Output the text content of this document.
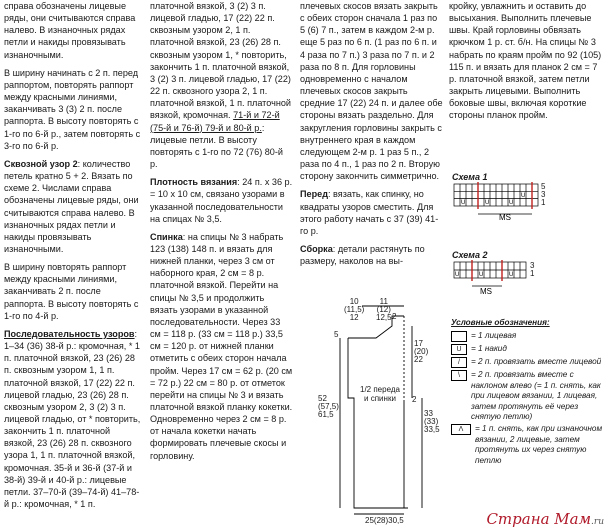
справа обозначены лицевые ряды, они считываются справа налево. В изнаночных рядах петли и накиды провязывать изнаночными.

В ширину начинать с 2 п. перед раппортом, повторять раппорт между красными линиями, заканчивать 3 (3) 2 п. после раппорта. В высоту повторять с 1-го по 6-й р., затем повторять с 3-го по 6-й р.

Сквозной узор 2: количество петель кратно 5 + 2. Вязать по схеме 2. Числами справа обозначены лицевые ряды, они считываются справа налево. В изнаночных рядах петли и накиды провязывать изнаночными.

В ширину повторять раппорт между красными линиями, заканчивать 2 п. после раппорта. В высоту повторять с 1-го по 4-й р.

Последовательность узоров: 1–34 (36) 38-й р.: кромочная, * 1 п. платочной вязкой, 23 (26) 28 п. сквозным узором 1, 1 п. платочной вязкой, 17 (22) 22 п. лицевой гладью, 23 (26) 28 п. сквозным узором 2, 3 (2) 3 п. лицевой гладью, от * повторить, закончить 1 п. платочной вязкой, 23 (26) 28 п. сквозного узора 1, 1 п. платочной вязкой, кромочная. 35-й и 36-й (37-й и 38-й) 39-й и 40-й р.: лицевые петли. 37–70-й (39–74-й) 41–78-й р.: кромочная, * 1 п.

платочной вязкой, 3 (2) 3 п. лицевой гладью, 17 (22) 22 п. сквозным узором 2, 1 п. платочной вязкой, 23 (26) 28 п. сквозным узором 1, * повторить, закончить 1 п. платочной вязкой, 3 (2) 3 п. лицевой гладью, 17 (22) 22 п. сквозного узора 2, 1 п. платочной вязкой, 1 п. платочной вязкой, кромочная. 71-й и 72-й (75-й и 76-й) 79-й и 80-й р.: лицевые петли. В высоту повторять с 1-го по 72 (76) 80-й р.

Плотность вязания: 24 п. х 36 р. = 10 х 10 см, связано узорами в указанной последовательности на спицах № 3,5.

Спинка: на спицы № 3 набрать 123 (138) 148 п. и вязать для нижней планки, через 3 см от наборного края, 2 см = 8 р. платочной вязкой. Перейти на спицы № 3,5 и продолжить вязать узорами в указанной последовательности. Через 33 см = 118 р. (33 см = 118 р.) 33,5 см = 120 р. от нижней планки отметить с обеих сторон начала пройм. Через 17 см = 62 р. (20 см = 72 р.) 22 см = 80 р. от отметок перейти на спицы № 3 и вязать платочной вязкой планку кокетки. Одновременно через 2 см = 8 р. от начала кокетки начать формировать плечевые скосы и горловину.

плечевых скосов вязать закрыть с обеих сторон сначала 1 раз по 5 (6) 7 п., затем в каждом 2-м р. еще 5 раз по 6 п. (1 раз по 6 п. и 4 раза по 7 п.) 3 раза по 7 п. и 2 раза по 8 п. Для горловины одновременно с началом плечевых скосов закрыть средние 17 (22) 24 п. и далее обе стороны вязать раздельно. Для закругления горловины закрыть с внутреннего края в каждом следующем 2-м р. 1 раз 5 п., 2 раза по 4 п., 1 раз по 2 п. Вторую сторону закончить симметрично.

Перед: вязать, как спинку, но квадраты узоров сместить. Для этого работу начать с 37 (39) 41-го р.

Сборка: детали растянуть по размеру, наколов на вы-

кройку, увлажнить и оставить до высыхания. Выполнить плечевые швы. Край горловины обвязать крючком 1 р. ст. б/н. На спицы № 3 набрать по краям пройм по 92 (105) 115 п. и вязать для планок 2 см = 7 р. платочной вязкой, затем петли закрыть лицевыми. Выполнить боковые швы, включая короткие стороны планок пройм.

Схема 1
U	U	U
U
MS
5
3
1
Схема 2
U	U	U
MS
3
1
Условные обозначения:
= 1 лицевая
U	= 1 накид
/	= 2 п. провязать вместе лицевой
\	= 2 п. провязать вместе с наклоном влево (= 1 п. снять, как при лицевом вязании, 1 лицевая, затем протянуть её через снятую петлю)
Λ	= 1 п. снять, как при изнаночном вязании, 2 лицевые, затем протянуть их через снятую петлю
11
(12)
12,5
10
(11,5)
12
17
(20)
22
52
(57,5)
61,5	33
(33)
33,5
1/2 переда
и спинки
25(28)30,5
5
2
2
Страна Мам.ru
